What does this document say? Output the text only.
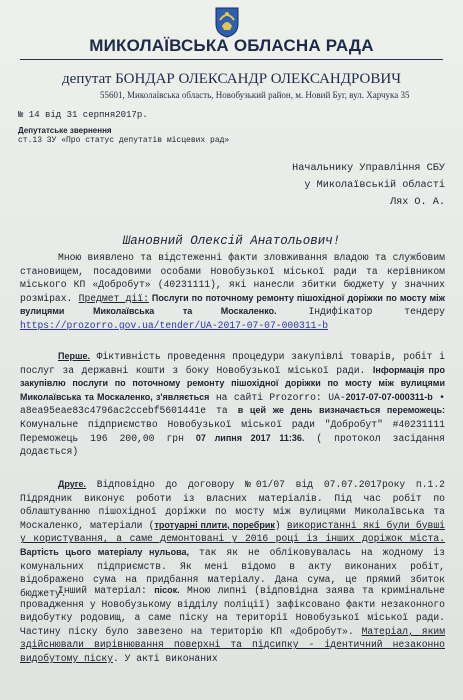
МИКОЛАЇВСЬКА ОБЛАСНА РАДА
депутат БОНДАР ОЛЕКСАНДР ОЛЕКСАНДРОВИЧ
55601, Миколаївська область, Новобузький район, м. Новий Буг, вул. Харчука 35
№ 14 від 31 серпня2017р.
Депутатське звернення
ст.13 ЗУ «Про статус депутатів місцевих рад»
Начальнику Управління СБУ
у Миколаївській області
Лях О. А.
Шановний Олексій Анатольович!

Мною виявлено та відстеженні факти зловживання владою та службовим становищем, посадовими особами Новобузької міської ради та керівником міського КП «Добробут» (40231111), які нанесли збитки бюджету у значних розмірах. Предмет дії: Послуги по поточному ремонту пішохідної доріжки по мосту між вулицями Миколаївська та Москаленко. Індифікатор тендеру https://prozorro.gov.ua/tender/UA-2017-07-07-000311-b

Перше. Фіктивність проведення процедури закупівлі товарів, робіт і послуг за державні кошти з боку Новобузької міської ради. Інформація про закупівлю послуги по поточному ремонту пішохідної доріжки по мосту між вулицями Миколаївська та Москаленко, з'являється на сайті Prozorro: UA-2017-07-07-000311-b • a8ea95eae83c4796ac2ccebf5601441e та в цей же день визначається переможець: Комунальне підприємство Новобузької міської ради "Добробут" #40231111 Переможець 196 200,00 грн 07 липня 2017 11:36. ( протокол засідання додається)

Друге. Відповідно до договору №01/07 від 07.07.2017року п.1.2 Підрядник виконує роботи із власних матеріалів. Під час робіт по облаштуванню пішохідної доріжки по мосту між вулицями Миколаївська та Москаленко, матеріали (тротуарні плити, поребрик) використанні які були бувші у користування, а саме демонтовані у 2016 році із інших доріжок міста. Вартість цього матеріалу нульова, так як не обліковувалась на жодному із комунальних підприємств. Як мені відомо в акту виконаних робіт, відображено сума на придбання матеріалу. Дана сума, це прямий збиток бюджету.

Інший матеріал: пісок. Мною липні (відповідна заява та кримінальне провадження у Новобузькому відділу поліції) зафіксовано факти незаконного видобутку родовищ, а саме піску на території Новобузької міської ради. Частину піску було завезено на територію КП «Добробут». Матеріал, яким здійснювали вирівнювання поверхні та підсипку - ідентичний незаконно видобутому піску. У акті виконаних
